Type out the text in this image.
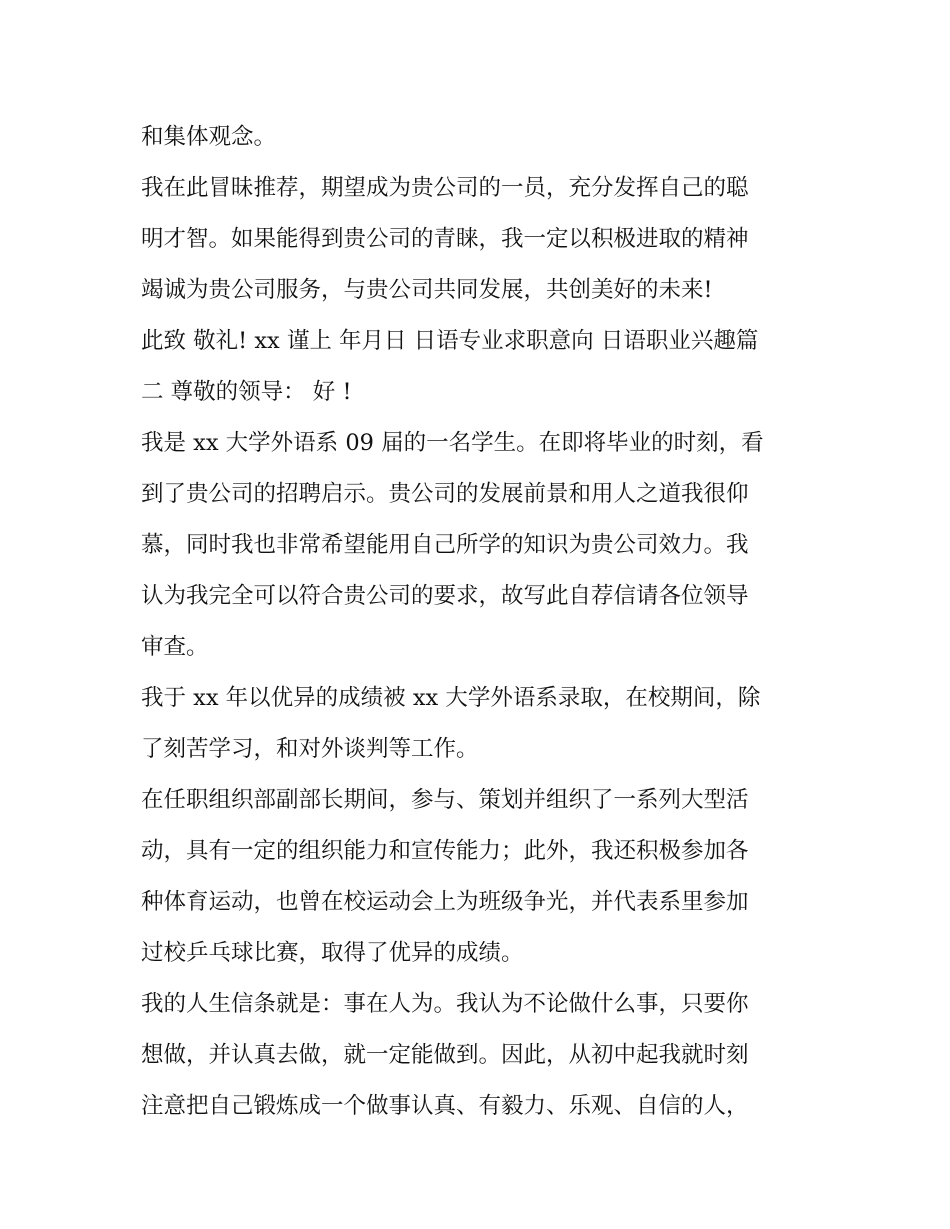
和集体观念。
我在此冒昧推荐，期望成为贵公司的一员，充分发挥自己的聪
明才智。如果能得到贵公司的青睐，我一定以积极进取的精神
竭诚为贵公司服务，与贵公司共同发展，共创美好的未来!
此致 敬礼! xx 谨上 年月日 日语专业求职意向 日语职业兴趣篇
二 尊敬的领导： 好 !
我是 xx 大学外语系 09 届的一名学生。在即将毕业的时刻，看
到了贵公司的招聘启示。贵公司的发展前景和用人之道我很仰
慕，同时我也非常希望能用自己所学的知识为贵公司效力。我
认为我完全可以符合贵公司的要求，故写此自荐信请各位领导
审查。
我于 xx 年以优异的成绩被 xx 大学外语系录取，在校期间，除
了刻苦学习，和对外谈判等工作。
在任职组织部副部长期间，参与、策划并组织了一系列大型活
动，具有一定的组织能力和宣传能力；此外，我还积极参加各
种体育运动，也曾在校运动会上为班级争光，并代表系里参加
过校乒乓球比赛，取得了优异的成绩。
我的人生信条就是：事在人为。我认为不论做什么事，只要你
想做，并认真去做，就一定能做到。因此，从初中起我就时刻
注意把自己锻炼成一个做事认真、有毅力、乐观、自信的人，
